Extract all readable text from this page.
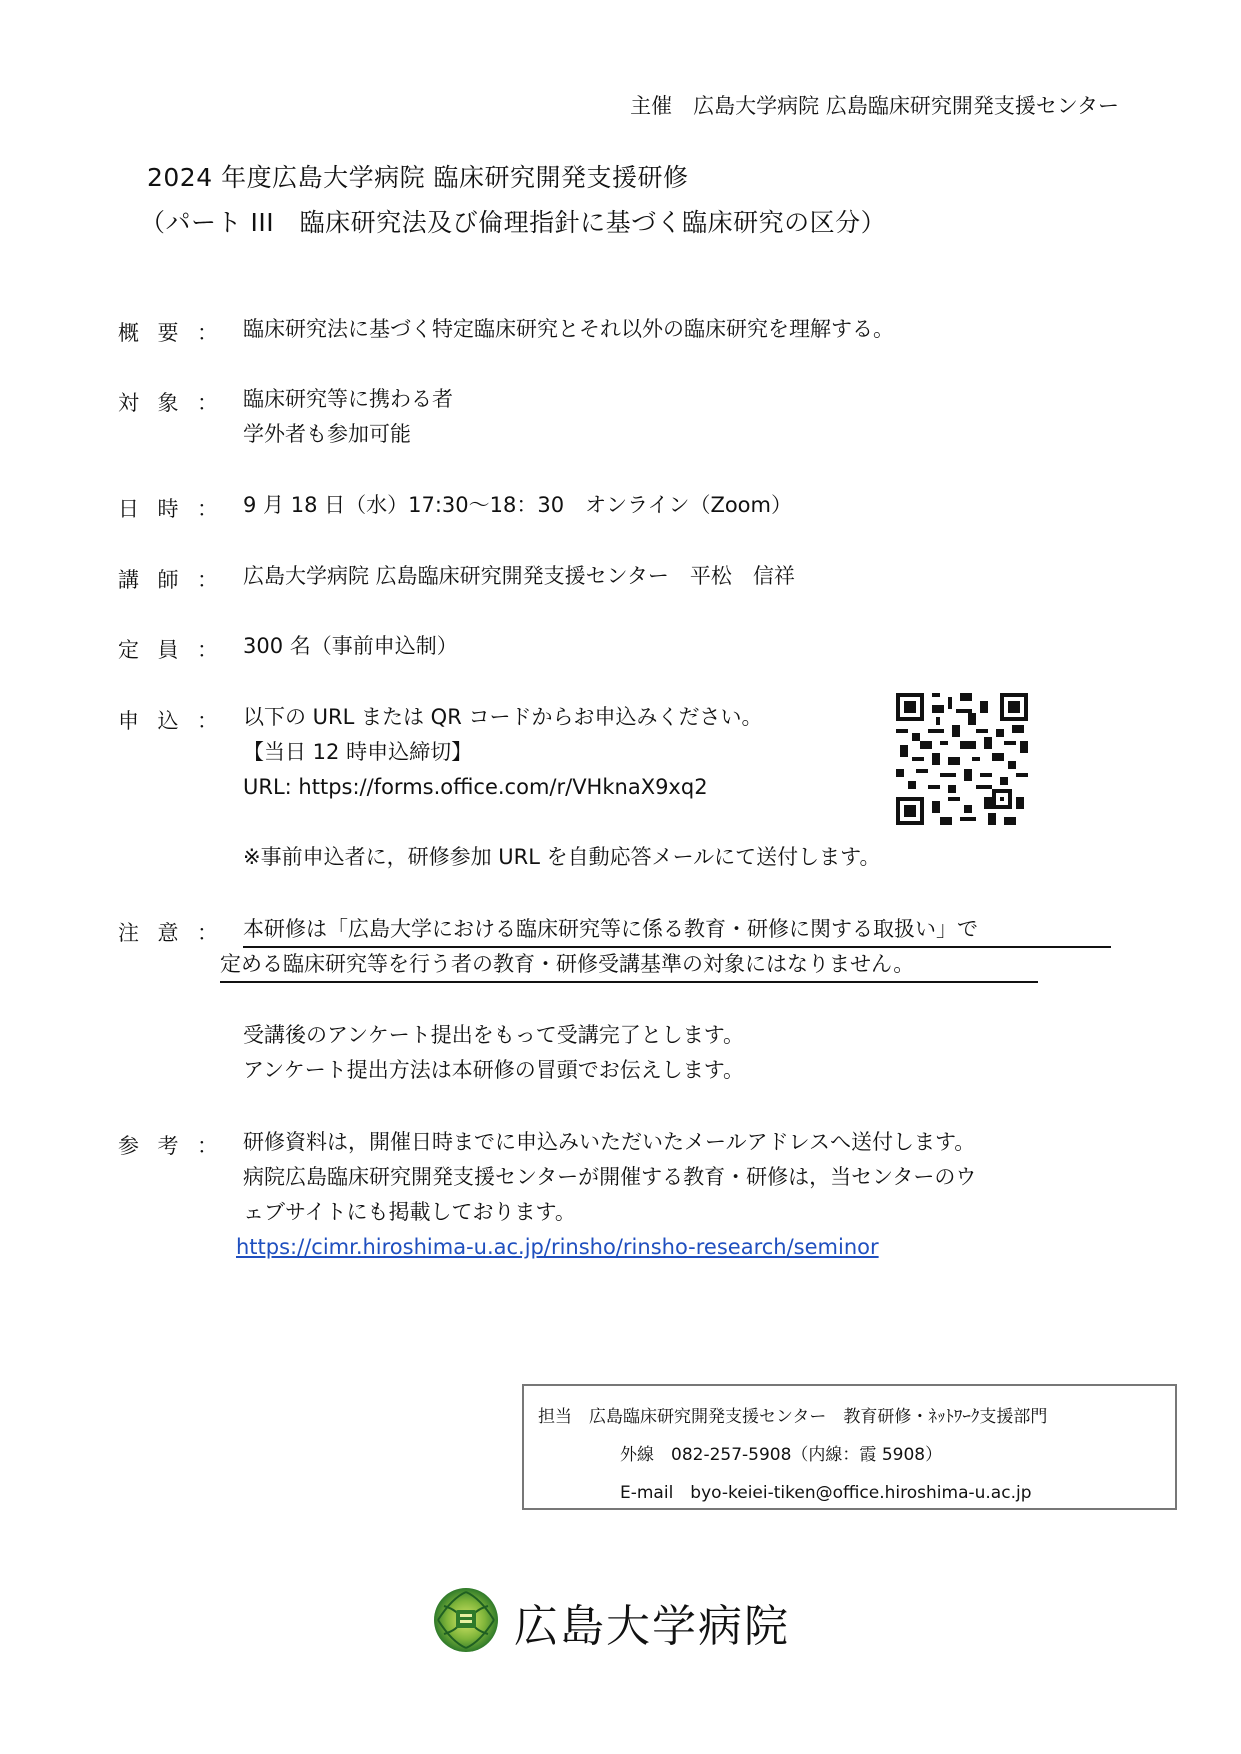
主催　広島大学病院 広島臨床研究開発支援センター
2024 年度広島大学病院 臨床研究開発支援研修
（パート III　臨床研究法及び倫理指針に基づく臨床研究の区分）
概 要 ： 臨床研究法に基づく特定臨床研究とそれ以外の臨床研究を理解する。
対 象 ： 臨床研究等に携わる者
学外者も参加可能
日 時 ： 9 月 18 日（水）17:30～18：30　オンライン（Zoom）
講 師 ： 広島大学病院 広島臨床研究開発支援センター　平松　信祥
定 員 ： 300 名（事前申込制）
申 込 ： 以下の URL または QR コードからお申込みください。
【当日 12 時申込締切】
URL: https://forms.office.com/r/VHknaX9xq2
※事前申込者に，研修参加 URL を自動応答メールにて送付します。
注 意 ： 本研修は「広島大学における臨床研究等に係る教育・研修に関する取扱い」で
定める臨床研究等を行う者の教育・研修受講基準の対象にはなりません。
受講後のアンケート提出をもって受講完了とします。
アンケート提出方法は本研修の冒頭でお伝えします。
参 考 ： 研修資料は，開催日時までに申込みいただいたメールアドレスへ送付します。
病院広島臨床研究開発支援センターが開催する教育・研修は，当センターのウ
ェブサイトにも掲載しております。
https://cimr.hiroshima-u.ac.jp/rinsho/rinsho-research/seminor
担当　広島臨床研究開発支援センター　教育研修・ﾈｯﾄﾜｰｸ支援部門
外線　082-257-5908（内線：霞 5908）
E-mail　byo-keiei-tiken@office.hiroshima-u.ac.jp
広島大学病院
